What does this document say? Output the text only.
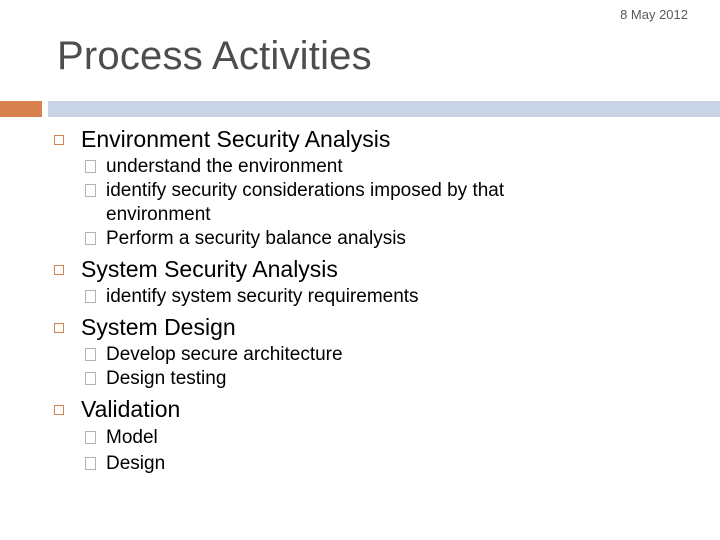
8 May 2012
Process Activities
Environment Security Analysis
understand the environment
identify security considerations imposed by that environment
Perform a security balance analysis
System Security Analysis
identify system security requirements
System Design
Develop secure architecture
Design testing
Validation
Model
Design
